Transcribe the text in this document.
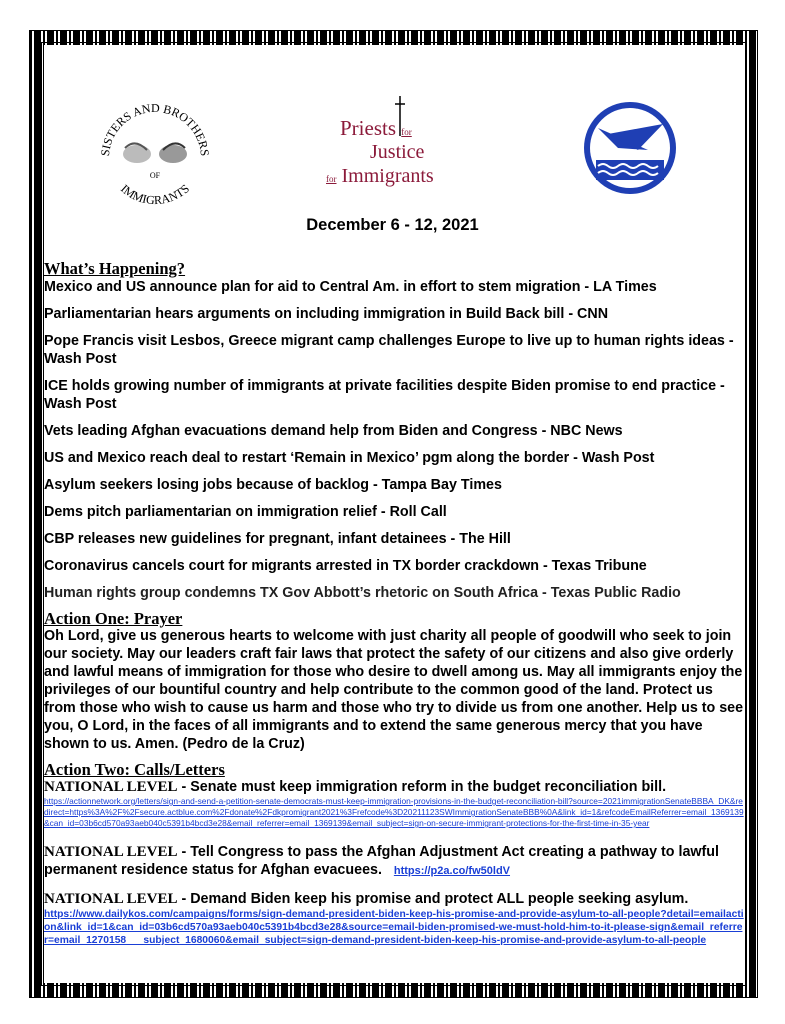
SISTERS AND BROTHERS
IMMIGRANTS
OF
Priests for
Justice
for Immigrants
December 6 - 12, 2021
What’s Happening?

Mexico and US announce plan for aid to Central Am. in effort to stem migration - LA Times

Parliamentarian hears arguments on including immigration in Build Back bill - CNN

Pope Francis visit Lesbos, Greece migrant camp challenges Europe to live up to human rights ideas - Wash Post

ICE holds growing number of immigrants at private facilities despite Biden promise to end practice - Wash Post

Vets leading Afghan evacuations demand help from Biden and Congress - NBC News

US and Mexico reach deal to restart ‘Remain in Mexico’ pgm along the border - Wash Post

Asylum seekers losing jobs because of backlog - Tampa Bay Times

Dems pitch parliamentarian on immigration relief - Roll Call

CBP releases new guidelines for pregnant, infant detainees - The Hill

Coronavirus cancels court for migrants arrested in TX border crackdown - Texas Tribune

Human rights group condemns TX Gov Abbott’s rhetoric on South Africa - Texas Public Radio

Action One: Prayer

Oh Lord, give us generous hearts to welcome with just charity all people of goodwill who seek to join our society. May our leaders craft fair laws that protect the safety of our citizens and also give orderly and lawful means of immigration for those who desire to dwell among us. May all immigrants enjoy the privileges of our bountiful country and help contribute to the common good of the land. Protect us from those who wish to cause us harm and those who try to divide us from one another. Help us to see you, O Lord, in the faces of all immigrants and to extend the same generous mercy that you have shown to us. Amen. (Pedro de la Cruz)

Action Two: Calls/Letters

NATIONAL LEVEL - Senate must keep immigration reform in the budget reconciliation bill.

https://actionnetwork.org/letters/sign-and-send-a-petition-senate-democrats-must-keep-immigration-provisions-in-the-budget-reconciliation-bill?source=2021immigrationSenateBBBA_DK&redirect=https%3A%2F%2Fsecure.actblue.com%2Fdonate%2Fdkpromigrant2021%3Frefcode%3D20211123SWImmigrationSenateBBB%0A&link_id=1&refcodeEmailReferrer=email_1369139&can_id=03b6cd570a93aeb040c5391b4bcd3e28&email_referrer=email_1369139&email_subject=sign-on-secure-immigrant-protections-for-the-first-time-in-35-year

NATIONAL LEVEL - Tell Congress to pass the Afghan Adjustment Act creating a pathway to lawful permanent residence status for Afghan evacuees. https://p2a.co/fw50ldV

NATIONAL LEVEL - Demand Biden keep his promise and protect ALL people seeking asylum.

https://www.dailykos.com/campaigns/forms/sign-demand-president-biden-keep-his-promise-and-provide-asylum-to-all-people?detail=emailaction&link_id=1&can_id=03b6cd570a93aeb040c5391b4bcd3e28&source=email-biden-promised-we-must-hold-him-to-it-please-sign&email_referrer=email_1270158___subject_1680060&email_subject=sign-demand-president-biden-keep-his-promise-and-provide-asylum-to-all-people
